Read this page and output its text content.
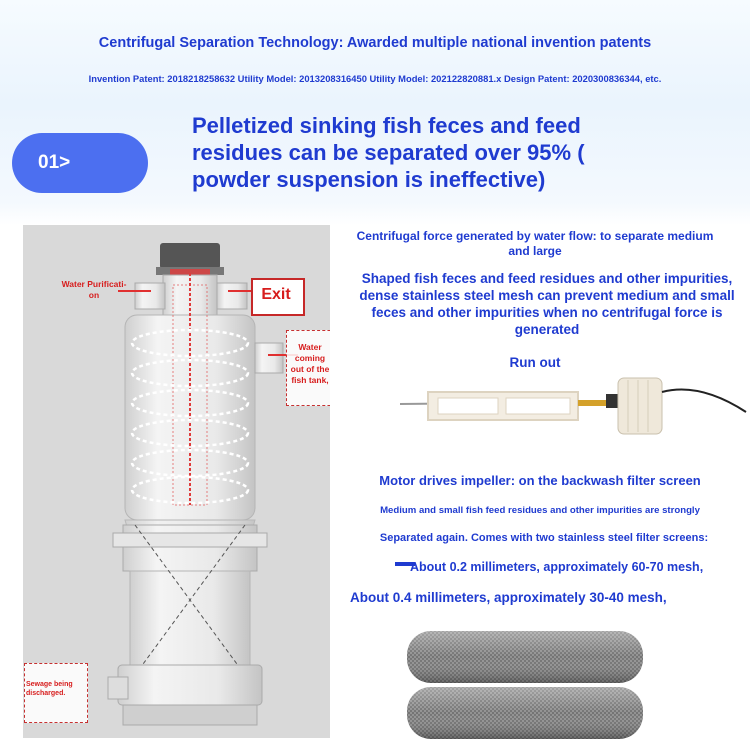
Centrifugal Separation Technology: Awarded multiple national invention patents
Invention Patent: 2018218258632 Utility Model: 2013208316450 Utility Model: 202122820881.x Design Patent: 2020300836344, etc.
01>
Pelletized sinking fish feces and feed residues can be separated over 95% ( powder suspension is ineffective)
Water Purificati- on	Exit
Water coming out of the fish tank,
Sewage being discharged.
Centrifugal force generated by water flow: to separate medium and large
Shaped fish feces and feed residues and other impurities, dense stainless steel mesh can prevent medium and small feces and other impurities when no centrifugal force is generated
Run out
Motor drives impeller: on the backwash filter screen
Medium and small fish feed residues and other impurities are strongly
Separated again. Comes with two stainless steel filter screens:
About 0.2 millimeters, approximately 60-70 mesh,
About 0.4 millimeters, approximately 30-40 mesh,
